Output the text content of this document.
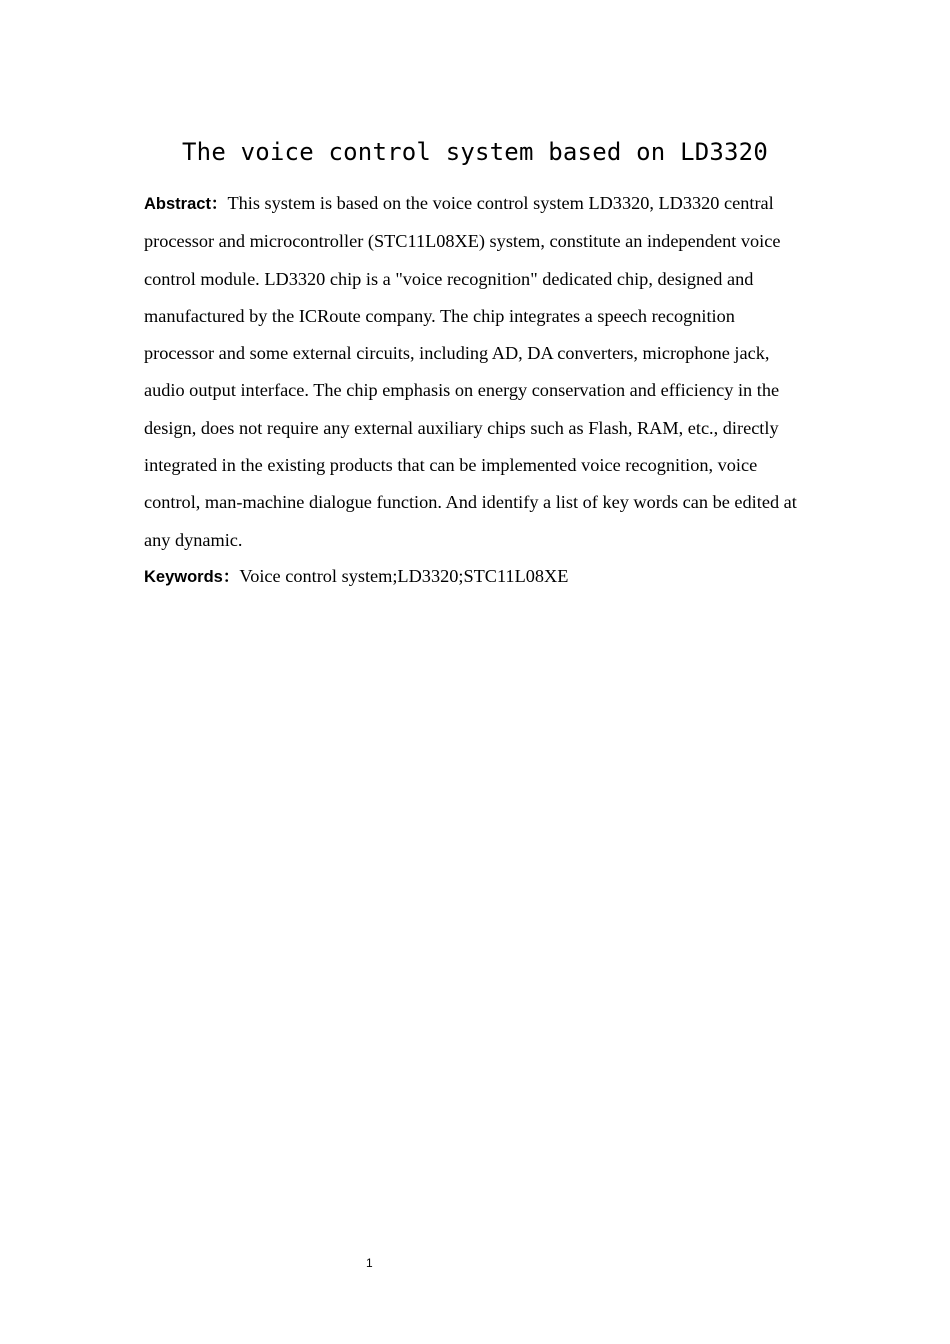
The voice control system based on LD3320

Abstract：This system is based on the voice control system LD3320, LD3320 central processor and microcontroller (STC11L08XE) system, constitute an independent voice control module. LD3320 chip is a "voice recognition" dedicated chip, designed and manufactured by the ICRoute company. The chip integrates a speech recognition processor and some external circuits, including AD, DA converters, microphone jack, audio output interface. The chip emphasis on energy conservation and efficiency in the design, does not require any external auxiliary chips such as Flash, RAM, etc., directly integrated in the existing products that can be implemented voice recognition, voice control, man-machine dialogue function. And identify a list of key words can be edited at any dynamic.

Keywords：Voice control system;LD3320;STC11L08XE

1
